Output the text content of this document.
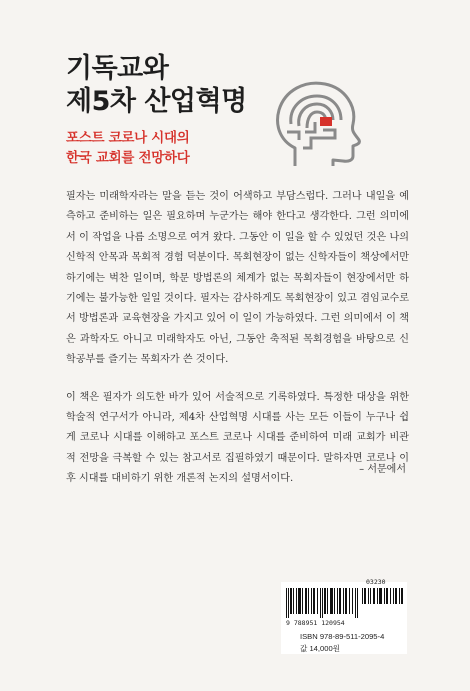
기독교와
제5차 산업혁명
포스트 코로나 시대의
한국 교회를 전망하다

필자는 미래학자라는 말을 듣는 것이 어색하고 부담스럽다. 그러나 내일을 예측하고 준비하는 일은 필요하며 누군가는 해야 한다고 생각한다. 그런 의미에서 이 작업을 나름 소명으로 여겨 왔다. 그동안 이 일을 할 수 있었던 것은 나의 신학적 안목과 목회적 경험 덕분이다. 목회현장이 없는 신학자들이 책상에서만 하기에는 벅찬 일이며, 학문 방법론의 체계가 없는 목회자들이 현장에서만 하기에는 불가능한 일일 것이다. 필자는 감사하게도 목회현장이 있고 겸임교수로서 방법론과 교육현장을 가지고 있어 이 일이 가능하였다. 그런 의미에서 이 책은 과학자도 아니고 미래학자도 아닌, 그동안 축적된 목회경험을 바탕으로 신학공부를 즐기는 목회자가 쓴 것이다.

이 책은 필자가 의도한 바가 있어 서술적으로 기록하였다. 특정한 대상을 위한 학술적 연구서가 아니라, 제4차 산업혁명 시대를 사는 모든 이들이 누구나 쉽게 코로나 시대를 이해하고 포스트 코로나 시대를 준비하여 미래 교회가 비관적 전망을 극복할 수 있는 참고서로 집필하였기 때문이다. 말하자면 코로나 이후 시대를 대비하기 위한 개론적 논지의 설명서이다.

– 서문에서
03230
9 788951 120954
ISBN 978-89-511-2095-4
값 14,000원
